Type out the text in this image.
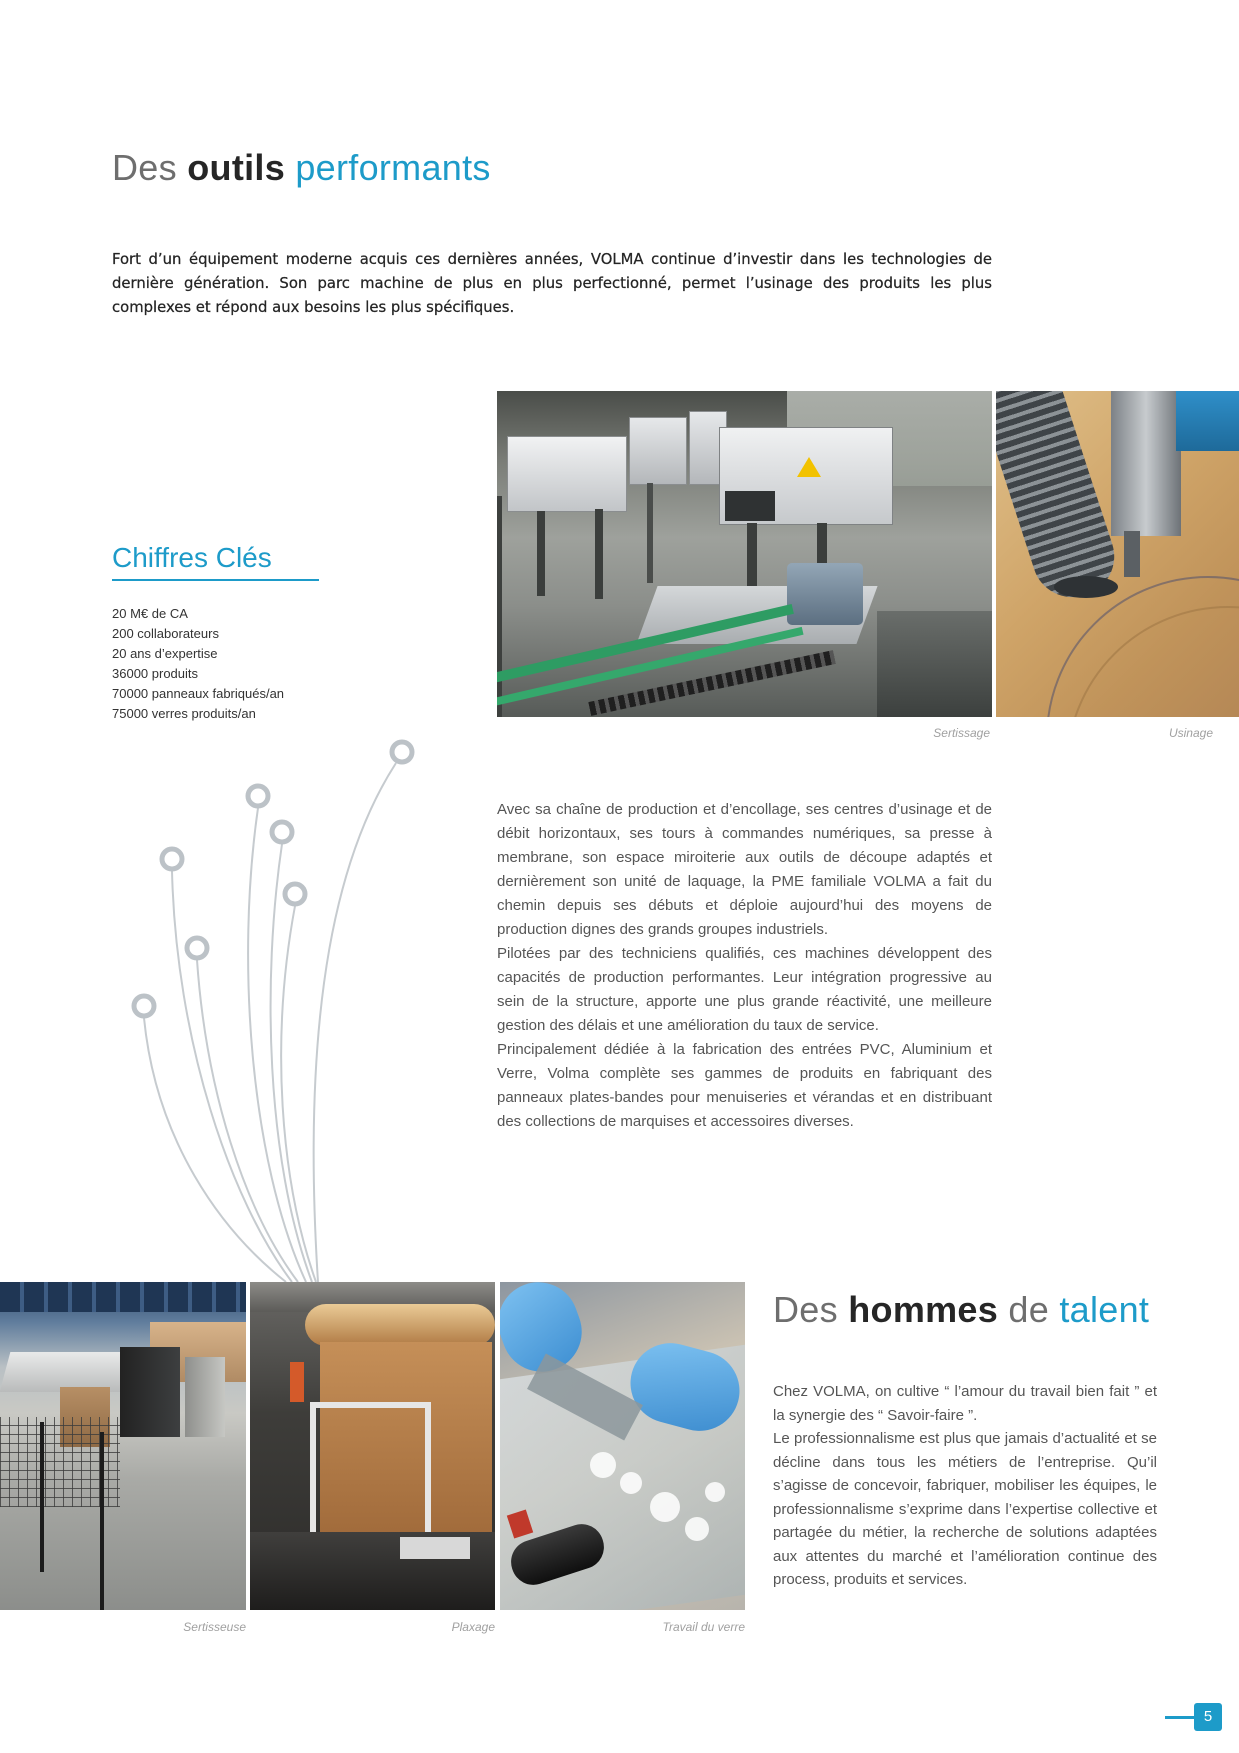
Des outils performants

Fort d’un équipement moderne acquis ces dernières années, VOLMA continue d’investir dans les technologies de dernière génération. Son parc machine de plus en plus perfectionné, permet l’usinage des produits les plus complexes et répond aux besoins les plus spécifiques.

Chiffres Clés
20 M€ de CA
200 collaborateurs
20 ans d’expertise
36000 produits
70000 panneaux fabriqués/an
75000 verres produits/an
Sertissage	Usinage

Avec sa chaîne de production et d’encollage, ses centres d’usinage et de débit horizontaux, ses tours à commandes numériques, sa presse à membrane, son espace miroiterie aux outils de découpe adaptés et dernièrement son unité de laquage, la PME familiale VOLMA a fait du chemin depuis ses débuts et déploie aujourd’hui des moyens de production dignes des grands groupes industriels.

Pilotées par des techniciens qualifiés, ces machines développent des capacités de production performantes. Leur intégration progressive au sein de la structure, apporte une plus grande réactivité, une meilleure gestion des délais et une amélioration du taux de service.

Principalement dédiée à la fabrication des entrées PVC, Aluminium et Verre, Volma complète ses gammes de produits en fabriquant des panneaux plates-bandes pour menuiseries et vérandas et en distribuant des collections de marquises et accessoires diverses.

Sertisseuse	Plaxage	Travail du verre
Des hommes de talent

Chez VOLMA, on cultive “ l’amour du travail bien fait ” et la synergie des “ Savoir-faire ”.

Le professionnalisme est plus que jamais d’actualité et se décline dans tous les métiers de l’entreprise. Qu’il s’agisse de concevoir, fabriquer, mobiliser les équipes, le professionnalisme s’exprime dans l’expertise collective et partagée du métier, la recherche de solutions adaptées aux attentes du marché et l’amélioration continue des process, produits et services.

5
